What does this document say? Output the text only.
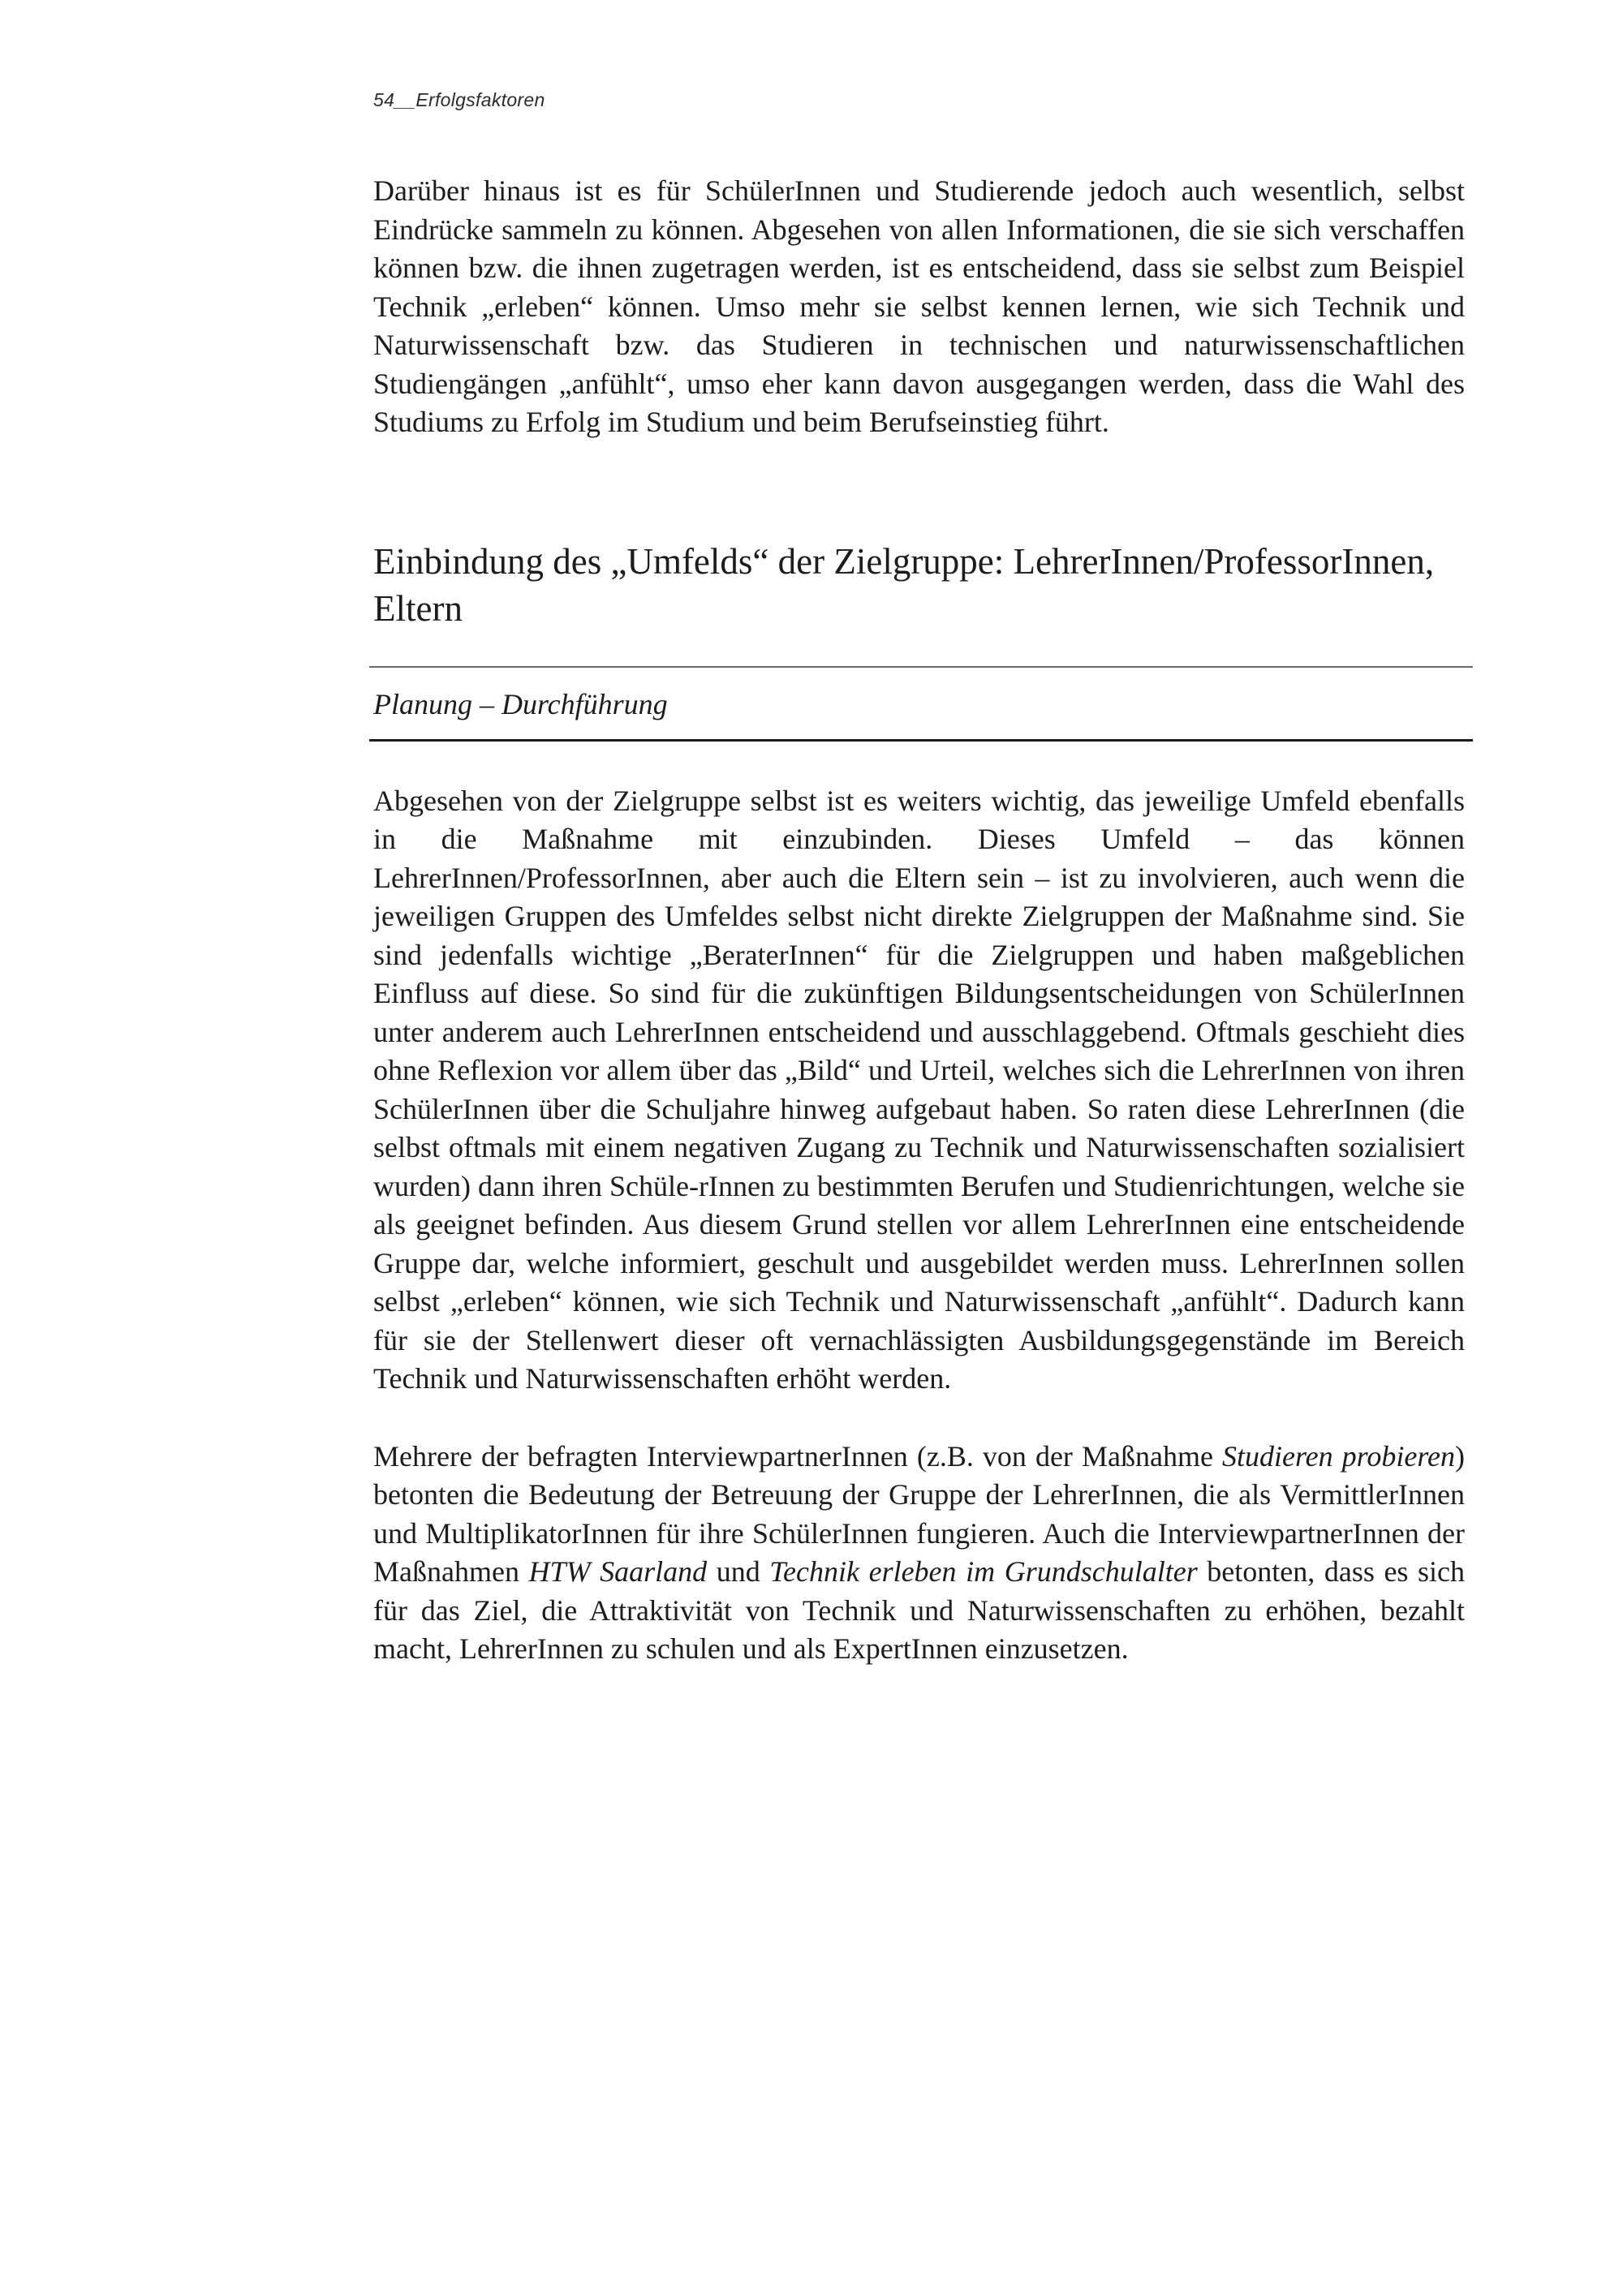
54__Erfolgsfaktoren

Darüber hinaus ist es für SchülerInnen und Studierende jedoch auch wesentlich, selbst Eindrücke sammeln zu können. Abgesehen von allen Informationen, die sie sich verschaffen können bzw. die ihnen zugetragen werden, ist es entscheidend, dass sie selbst zum Beispiel Technik „erleben“ können. Umso mehr sie selbst kennen lernen, wie sich Technik und Naturwissenschaft bzw. das Studieren in technischen und naturwissenschaftlichen Studiengängen „anfühlt“, umso eher kann davon ausgegangen werden, dass die Wahl des Studiums zu Erfolg im Studium und beim Berufseinstieg führt.

Einbindung des „Umfelds“ der Zielgruppe: LehrerInnen/ProfessorInnen, Eltern
Planung – Durchführung

Abgesehen von der Zielgruppe selbst ist es weiters wichtig, das jeweilige Umfeld ebenfalls in die Maßnahme mit einzubinden. Dieses Umfeld – das können LehrerInnen/ProfessorInnen, aber auch die Eltern sein – ist zu involvieren, auch wenn die jeweiligen Gruppen des Umfeldes selbst nicht direkte Zielgruppen der Maßnahme sind. Sie sind jedenfalls wichtige „BeraterInnen“ für die Zielgruppen und haben maßgeblichen Einfluss auf diese. So sind für die zukünftigen Bildungsentscheidungen von SchülerInnen unter anderem auch LehrerInnen entscheidend und ausschlaggebend. Oftmals geschieht dies ohne Reflexion vor allem über das „Bild“ und Urteil, welches sich die LehrerInnen von ihren SchülerInnen über die Schuljahre hinweg aufgebaut haben. So raten diese LehrerInnen (die selbst oftmals mit einem negativen Zugang zu Technik und Naturwissenschaften sozialisiert wurden) dann ihren Schüle-rInnen zu bestimmten Berufen und Studienrichtungen, welche sie als geeignet befinden. Aus diesem Grund stellen vor allem LehrerInnen eine entscheidende Gruppe dar, welche informiert, geschult und ausgebildet werden muss. LehrerInnen sollen selbst „erleben“ können, wie sich Technik und Naturwissenschaft „anfühlt“. Dadurch kann für sie der Stellenwert dieser oft vernachlässigten Ausbildungsgegenstände im Bereich Technik und Naturwissenschaften erhöht werden.

Mehrere der befragten InterviewpartnerInnen (z.B. von der Maßnahme Studieren probieren) betonten die Bedeutung der Betreuung der Gruppe der LehrerInnen, die als VermittlerInnen und MultiplikatorInnen für ihre SchülerInnen fungieren. Auch die InterviewpartnerInnen der Maßnahmen HTW Saarland und Technik erleben im Grundschulalter betonten, dass es sich für das Ziel, die Attraktivität von Technik und Naturwissenschaften zu erhöhen, bezahlt macht, LehrerInnen zu schulen und als ExpertInnen einzusetzen.
